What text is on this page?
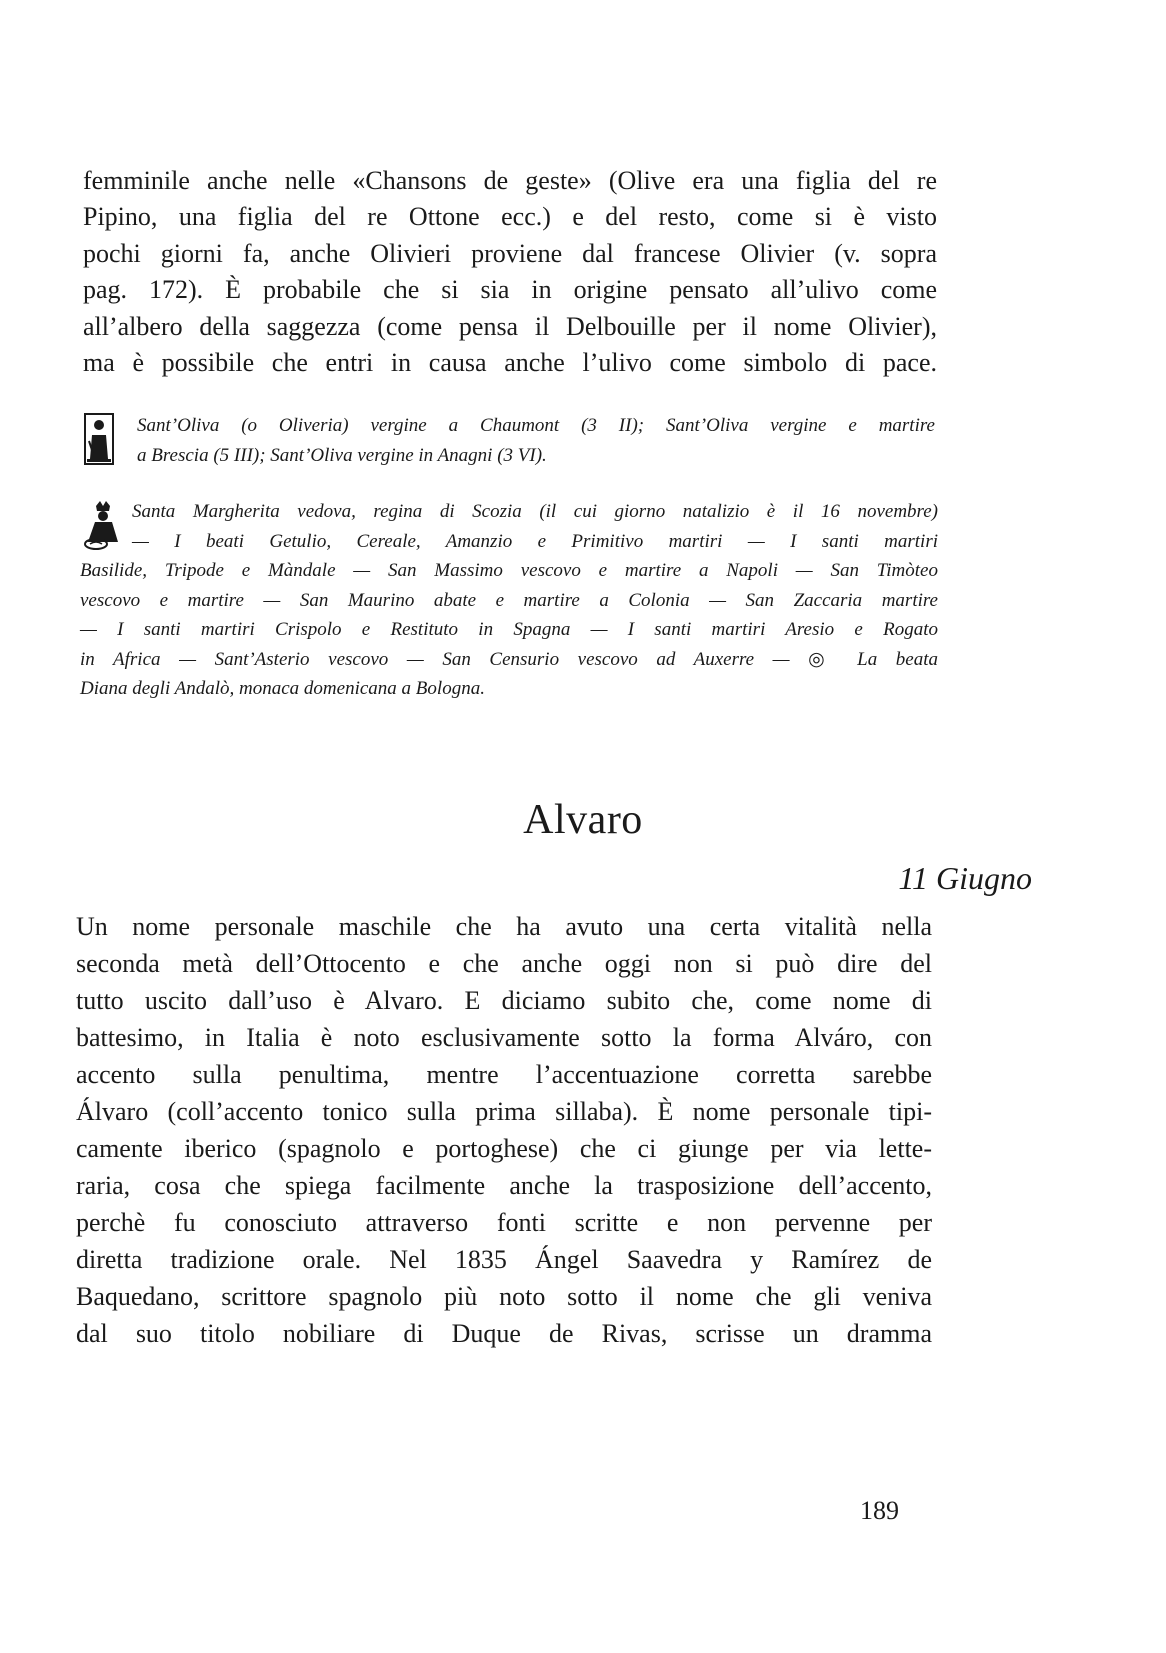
femminile anche nelle «Chansons de geste» (Olive era una figlia del re
Pipino, una figlia del re Ottone ecc.) e del resto, come si è visto
pochi giorni fa, anche Olivieri proviene dal francese Olivier (v. sopra
pag. 172). È probabile che si sia in origine pensato all’ulivo come
all’albero della saggezza (come pensa il Delbouille per il nome Olivier),
ma è possibile che entri in causa anche l’ulivo come simbolo di pace.
Sant’Oliva (o Oliveria) vergine a Chaumont (3 II); Sant’Oliva vergine e martire
a Brescia (5 III); Sant’Oliva vergine in Anagni (3 VI).
Santa Margherita vedova, regina di Scozia (il cui giorno natalizio è il 16 novembre)
— I beati Getulio, Cereale, Amanzio e Primitivo martiri — I santi martiri
Basilide, Tripode e Màndale — San Massimo vescovo e martire a Napoli — San Timòteo
vescovo e martire — San Maurino abate e martire a Colonia — San Zaccaria martire
— I santi martiri Crispolo e Restituto in Spagna — I santi martiri Aresio e Rogato
in Africa — Sant’Asterio vescovo — San Censurio vescovo ad Auxerre — ◎ La beata
Diana degli Andalò, monaca domenicana a Bologna.
Alvaro
11 Giugno
Un nome personale maschile che ha avuto una certa vitalità nella
seconda metà dell’Ottocento e che anche oggi non si può dire del
tutto uscito dall’uso è Alvaro. E diciamo subito che, come nome di
battesimo, in Italia è noto esclusivamente sotto la forma Alváro, con
accento sulla penultima, mentre l’accentuazione corretta sarebbe
Álvaro (coll’accento tonico sulla prima sillaba). È nome personale tipi-
camente iberico (spagnolo e portoghese) che ci giunge per via lette-
raria, cosa che spiega facilmente anche la trasposizione dell’accento,
perchè fu conosciuto attraverso fonti scritte e non pervenne per
diretta tradizione orale. Nel 1835 Ángel Saavedra y Ramírez de
Baquedano, scrittore spagnolo più noto sotto il nome che gli veniva
dal suo titolo nobiliare di Duque de Rivas, scrisse un dramma
189
